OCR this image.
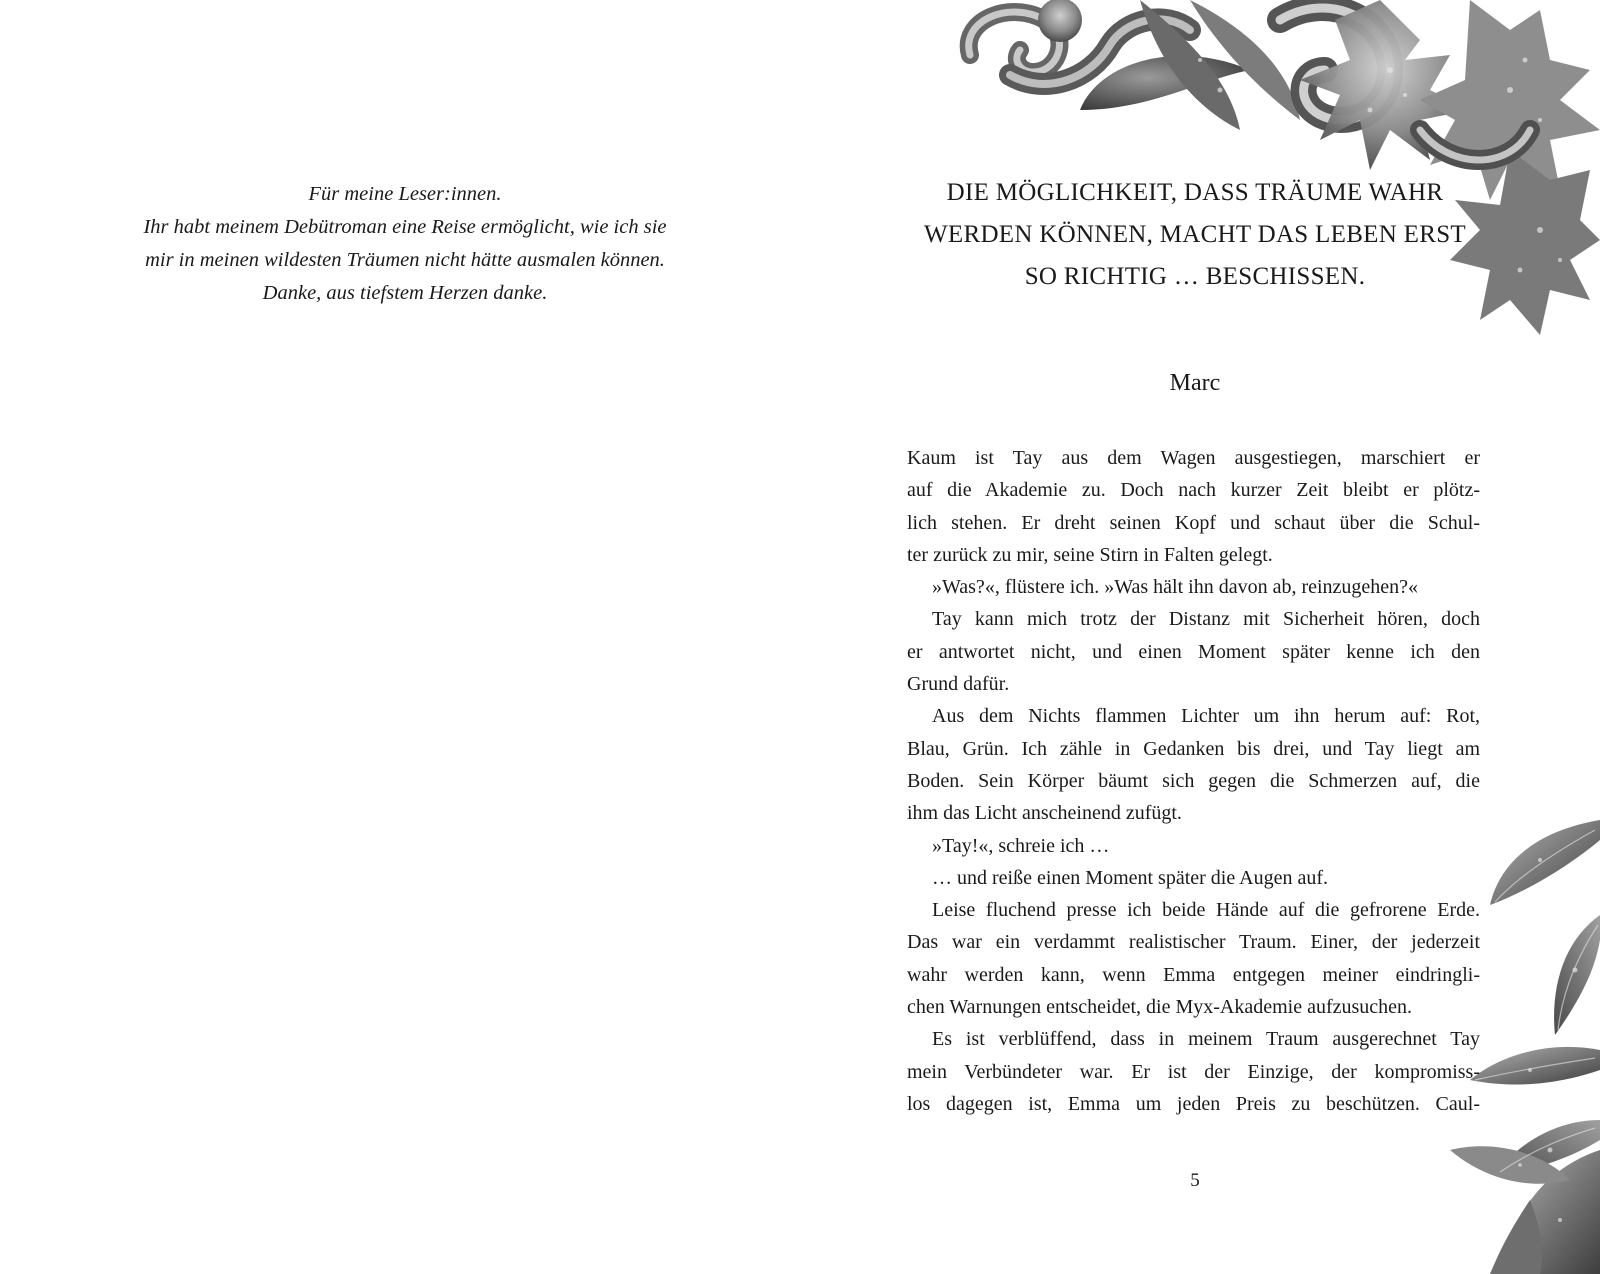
Für meine Leser:innen.
Ihr habt meinem Debütroman eine Reise ermöglicht, wie ich sie
mir in meinen wildesten Träumen nicht hätte ausmalen können.
Danke, aus tiefstem Herzen danke.
DIE MÖGLICHKEIT, DASS TRÄUME WAHR
WERDEN KÖNNEN, MACHT DAS LEBEN ERST
SO RICHTIG … BESCHISSEN.
Marc
Kaum ist Tay aus dem Wagen ausgestiegen, marschiert er
auf die Akademie zu. Doch nach kurzer Zeit bleibt er plötz-
lich stehen. Er dreht seinen Kopf und schaut über die Schul-
ter zurück zu mir, seine Stirn in Falten gelegt.
»Was?«, flüstere ich. »Was hält ihn davon ab, reinzugehen?«
Tay kann mich trotz der Distanz mit Sicherheit hören, doch
er antwortet nicht, und einen Moment später kenne ich den
Grund dafür.
Aus dem Nichts flammen Lichter um ihn herum auf: Rot,
Blau, Grün. Ich zähle in Gedanken bis drei, und Tay liegt am
Boden. Sein Körper bäumt sich gegen die Schmerzen auf, die
ihm das Licht anscheinend zufügt.
»Tay!«, schreie ich …
… und reiße einen Moment später die Augen auf.
Leise fluchend presse ich beide Hände auf die gefrorene Erde.
Das war ein verdammt realistischer Traum. Einer, der jederzeit
wahr werden kann, wenn Emma entgegen meiner eindringli-
chen Warnungen entscheidet, die Myx-Akademie aufzusuchen.
Es ist verblüffend, dass in meinem Traum ausgerechnet Tay
mein Verbündeter war. Er ist der Einzige, der kompromiss-
los dagegen ist, Emma um jeden Preis zu beschützen. Caul-
5
